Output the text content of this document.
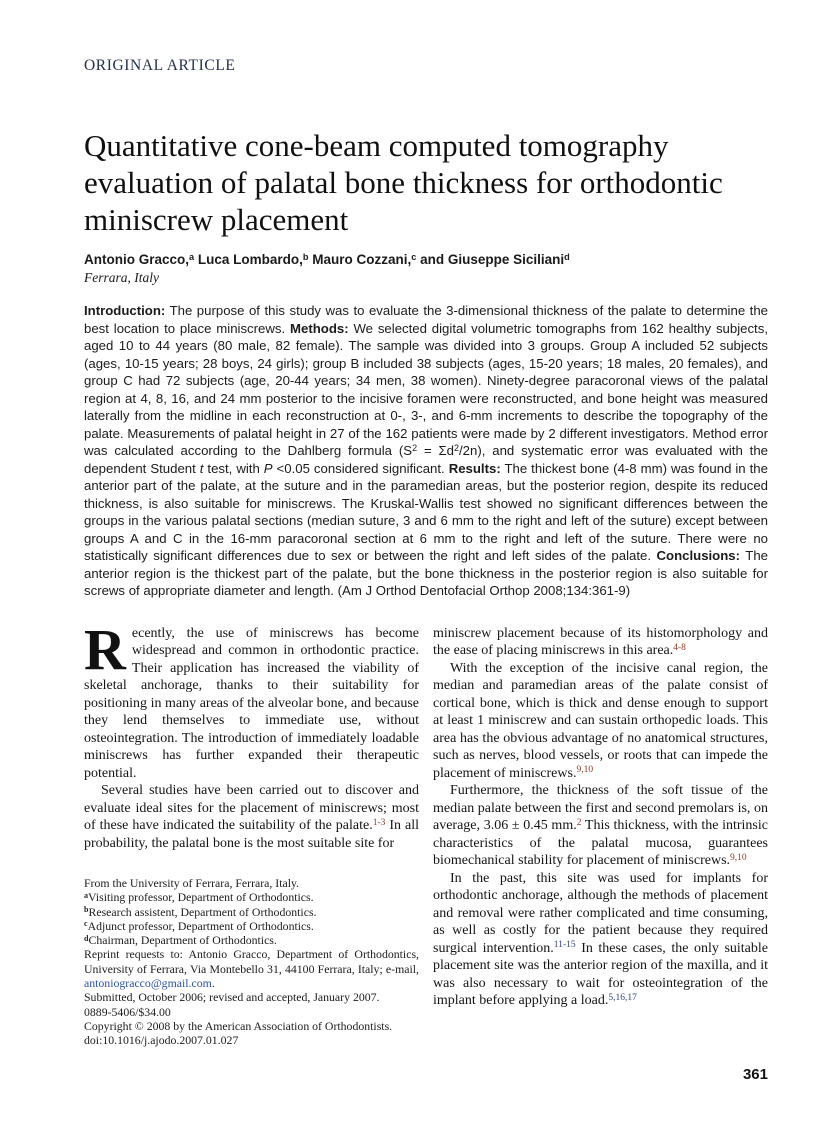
ORIGINAL ARTICLE
Quantitative cone-beam computed tomography evaluation of palatal bone thickness for orthodontic miniscrew placement
Antonio Gracco,$^a$ Luca Lombardo,$^b$ Mauro Cozzani,$^c$ and Giuseppe Siciliani$^d$
Ferrara, Italy
Introduction: The purpose of this study was to evaluate the 3-dimensional thickness of the palate to determine the best location to place miniscrews. Methods: We selected digital volumetric tomographs from 162 healthy subjects, aged 10 to 44 years (80 male, 82 female). The sample was divided into 3 groups. Group A included 52 subjects (ages, 10-15 years; 28 boys, 24 girls); group B included 38 subjects (ages, 15-20 years; 18 males, 20 females), and group C had 72 subjects (age, 20-44 years; 34 men, 38 women). Ninety-degree paracoronal views of the palatal region at 4, 8, 16, and 24 mm posterior to the incisive foramen were reconstructed, and bone height was measured laterally from the midline in each reconstruction at 0-, 3-, and 6-mm increments to describe the topography of the palate. Measurements of palatal height in 27 of the 162 patients were made by 2 different investigators. Method error was calculated according to the Dahlberg formula $(S^2 = \Sigma d^2/2n)$, and systematic error was evaluated with the dependent Student t test, with P <0.05 considered significant. Results: The thickest bone (4-8 mm) was found in the anterior part of the palate, at the suture and in the paramedian areas, but the posterior region, despite its reduced thickness, is also suitable for miniscrews. The Kruskal-Wallis test showed no significant differences between the groups in the various palatal sections (median suture, 3 and 6 mm to the right and left of the suture) except between groups A and C in the 16-mm paracoronal section at 6 mm to the right and left of the suture. There were no statistically significant differences due to sex or between the right and left sides of the palate. Conclusions: The anterior region is the thickest part of the palate, but the bone thickness in the posterior region is also suitable for screws of appropriate diameter and length. (Am J Orthod Dentofacial Orthop 2008;134:361-9)

Recently, the use of miniscrews has become widespread and common in orthodontic practice. Their application has increased the viability of skeletal anchorage, thanks to their suitability for positioning in many areas of the alveolar bone, and because they lend themselves to immediate use, without osteointegration. The introduction of immediately loadable miniscrews has further expanded their therapeutic potential.

Several studies have been carried out to discover and evaluate ideal sites for the placement of miniscrews; most of these have indicated the suitability of the palate.$^{1-3}$ In all probability, the palatal bone is the most suitable site for

From the University of Ferrara, Ferrara, Italy.
$^a$Visiting professor, Department of Orthodontics.
$^b$Research assistent, Department of Orthodontics.
$^c$Adjunct professor, Department of Orthodontics.
$^d$Chairman, Department of Orthodontics.
Reprint requests to: Antonio Gracco, Department of Orthodontics, University of Ferrara, Via Montebello 31, 44100 Ferrara, Italy; e-mail, antoniogracco@gmail.com.
Submitted, October 2006; revised and accepted, January 2007.
0889-5406/$34.00
Copyright © 2008 by the American Association of Orthodontists.
doi:10.1016/j.ajodo.2007.01.027

miniscrew placement because of its histomorphology and the ease of placing miniscrews in this area.$^{4-8}$

With the exception of the incisive canal region, the median and paramedian areas of the palate consist of cortical bone, which is thick and dense enough to support at least 1 miniscrew and can sustain orthopedic loads. This area has the obvious advantage of no anatomical structures, such as nerves, blood vessels, or roots that can impede the placement of miniscrews.$^{9,10}$

Furthermore, the thickness of the soft tissue of the median palate between the first and second premolars is, on average, 3.06 ± 0.45 mm.$^2$ This thickness, with the intrinsic characteristics of the palatal mucosa, guarantees biomechanical stability for placement of miniscrews.$^{9,10}$

In the past, this site was used for implants for orthodontic anchorage, although the methods of placement and removal were rather complicated and time consuming, as well as costly for the patient because they required surgical intervention.$^{11-15}$ In these cases, the only suitable placement site was the anterior region of the maxilla, and it was also necessary to wait for osteointegration of the implant before applying a load.$^{5,16,17}$

361
